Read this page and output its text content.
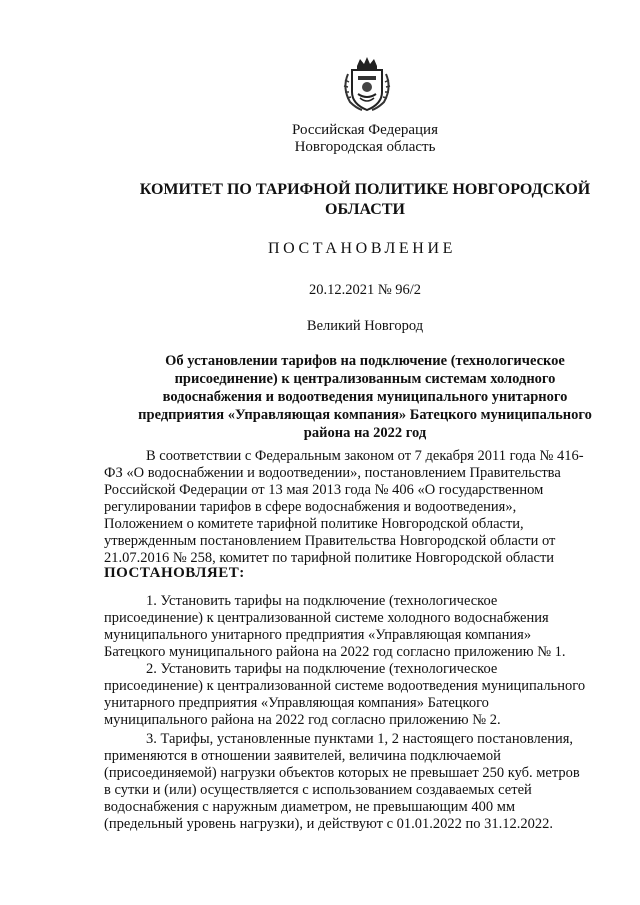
Российская Федерация
Новгородская область
КОМИТЕТ ПО ТАРИФНОЙ ПОЛИТИКЕ НОВГОРОДСКОЙ
ОБЛАСТИ
ПОСТАНОВЛЕНИЕ
20.12.2021 № 96/2
Великий Новгород
Об установлении тарифов на подключение (технологическое
присоединение) к централизованным системам холодного
водоснабжения и водоотведения муниципального унитарного
предприятия «Управляющая компания» Батецкого муниципального
района на 2022 год
В соответствии с Федеральным законом от 7 декабря 2011 года № 416-
ФЗ «О водоснабжении и водоотведении», постановлением Правительства
Российской Федерации от 13 мая 2013 года № 406 «О государственном
регулировании тарифов в сфере водоснабжения и водоотведения»,
Положением о комитете тарифной политике Новгородской области,
утвержденным постановлением Правительства Новгородской области от
21.07.2016 № 258, комитет по тарифной политике Новгородской области
ПОСТАНОВЛЯЕТ:
1. Установить тарифы на подключение (технологическое
присоединение) к централизованной системе холодного водоснабжения
муниципального унитарного предприятия «Управляющая компания»
Батецкого муниципального района на 2022 год согласно приложению № 1.
2. Установить тарифы на подключение (технологическое
присоединение) к централизованной системе водоотведения муниципального
унитарного предприятия «Управляющая компания» Батецкого
муниципального района на 2022 год согласно приложению № 2.
3. Тарифы, установленные пунктами 1, 2 настоящего постановления,
применяются в отношении заявителей, величина подключаемой
(присоединяемой) нагрузки объектов которых не превышает 250 куб. метров
в сутки и (или) осуществляется с использованием создаваемых сетей
водоснабжения с наружным диаметром, не превышающим 400 мм
(предельный уровень нагрузки), и действуют с 01.01.2022 по 31.12.2022.
